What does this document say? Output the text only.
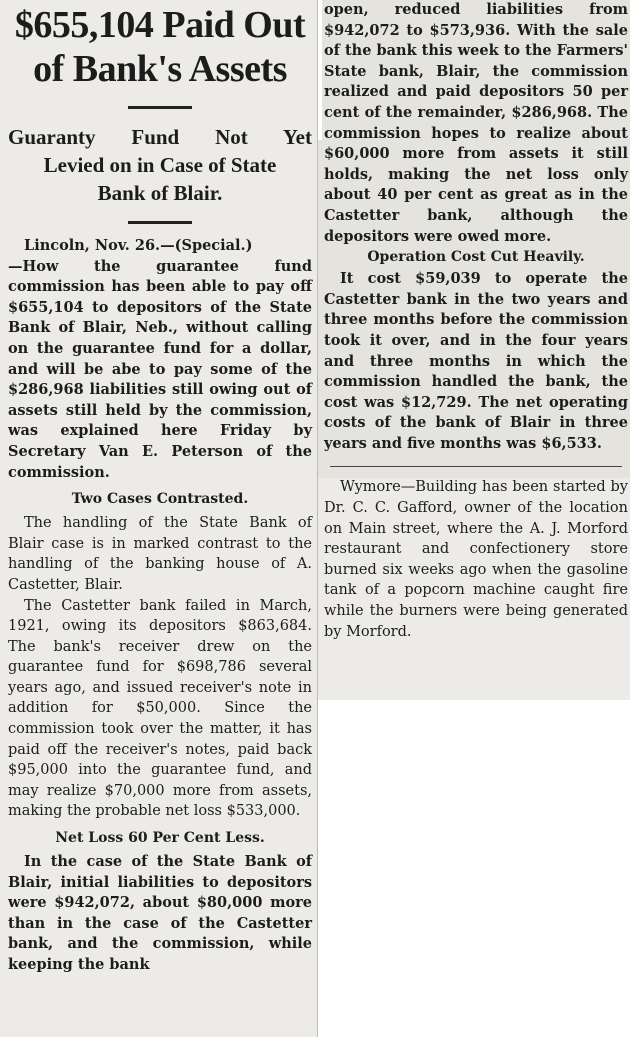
$655,104 Paid Out
of Bank's Assets
Guaranty Fund Not Yet
Levied on in Case of State
Bank of Blair.

Lincoln, Nov. 26.—(Special.)

—How the guarantee fund commission has been able to pay off $655,104 to depositors of the State Bank of Blair, Neb., without calling on the guarantee fund for a dollar, and will be abe to pay some of the $286,968 liabilities still owing out of assets still held by the commission, was explained here Friday by Secretary Van E. Peterson of the commission.

Two Cases Contrasted.

The handling of the State Bank of Blair case is in marked contrast to the handling of the banking house of A. Castetter, Blair.

The Castetter bank failed in March, 1921, owing its depositors $863,684. The bank's receiver drew on the guarantee fund for $698,786 several years ago, and issued receiver's note in addition for $50,000. Since the commission took over the matter, it has paid off the receiver's notes, paid back $95,000 into the guarantee fund, and may realize $70,000 more from assets, making the probable net loss $533,000.

Net Loss 60 Per Cent Less.

In the case of the State Bank of Blair, initial liabilities to depositors were $942,072, about $80,000 more than in the case of the Castetter bank, and the commission, while keeping the bank

open, reduced liabilities from $942,072 to $573,936. With the sale of the bank this week to the Farmers' State bank, Blair, the commission realized and paid depositors 50 per cent of the remainder, $286,968. The commission hopes to realize about $60,000 more from assets it still holds, making the net loss only about 40 per cent as great as in the Castetter bank, although the depositors were owed more.

Operation Cost Cut Heavily.

It cost $59,039 to operate the Castetter bank in the two years and three months before the commission took it over, and in the four years and three months in which the commission handled the bank, the cost was $12,729. The net operating costs of the bank of Blair in three years and five months was $6,533.

Wymore—Building has been started by Dr. C. C. Gafford, owner of the location on Main street, where the A. J. Morford restaurant and confectionery store burned six weeks ago when the gasoline tank of a popcorn machine caught fire while the burners were being generated by Morford.
